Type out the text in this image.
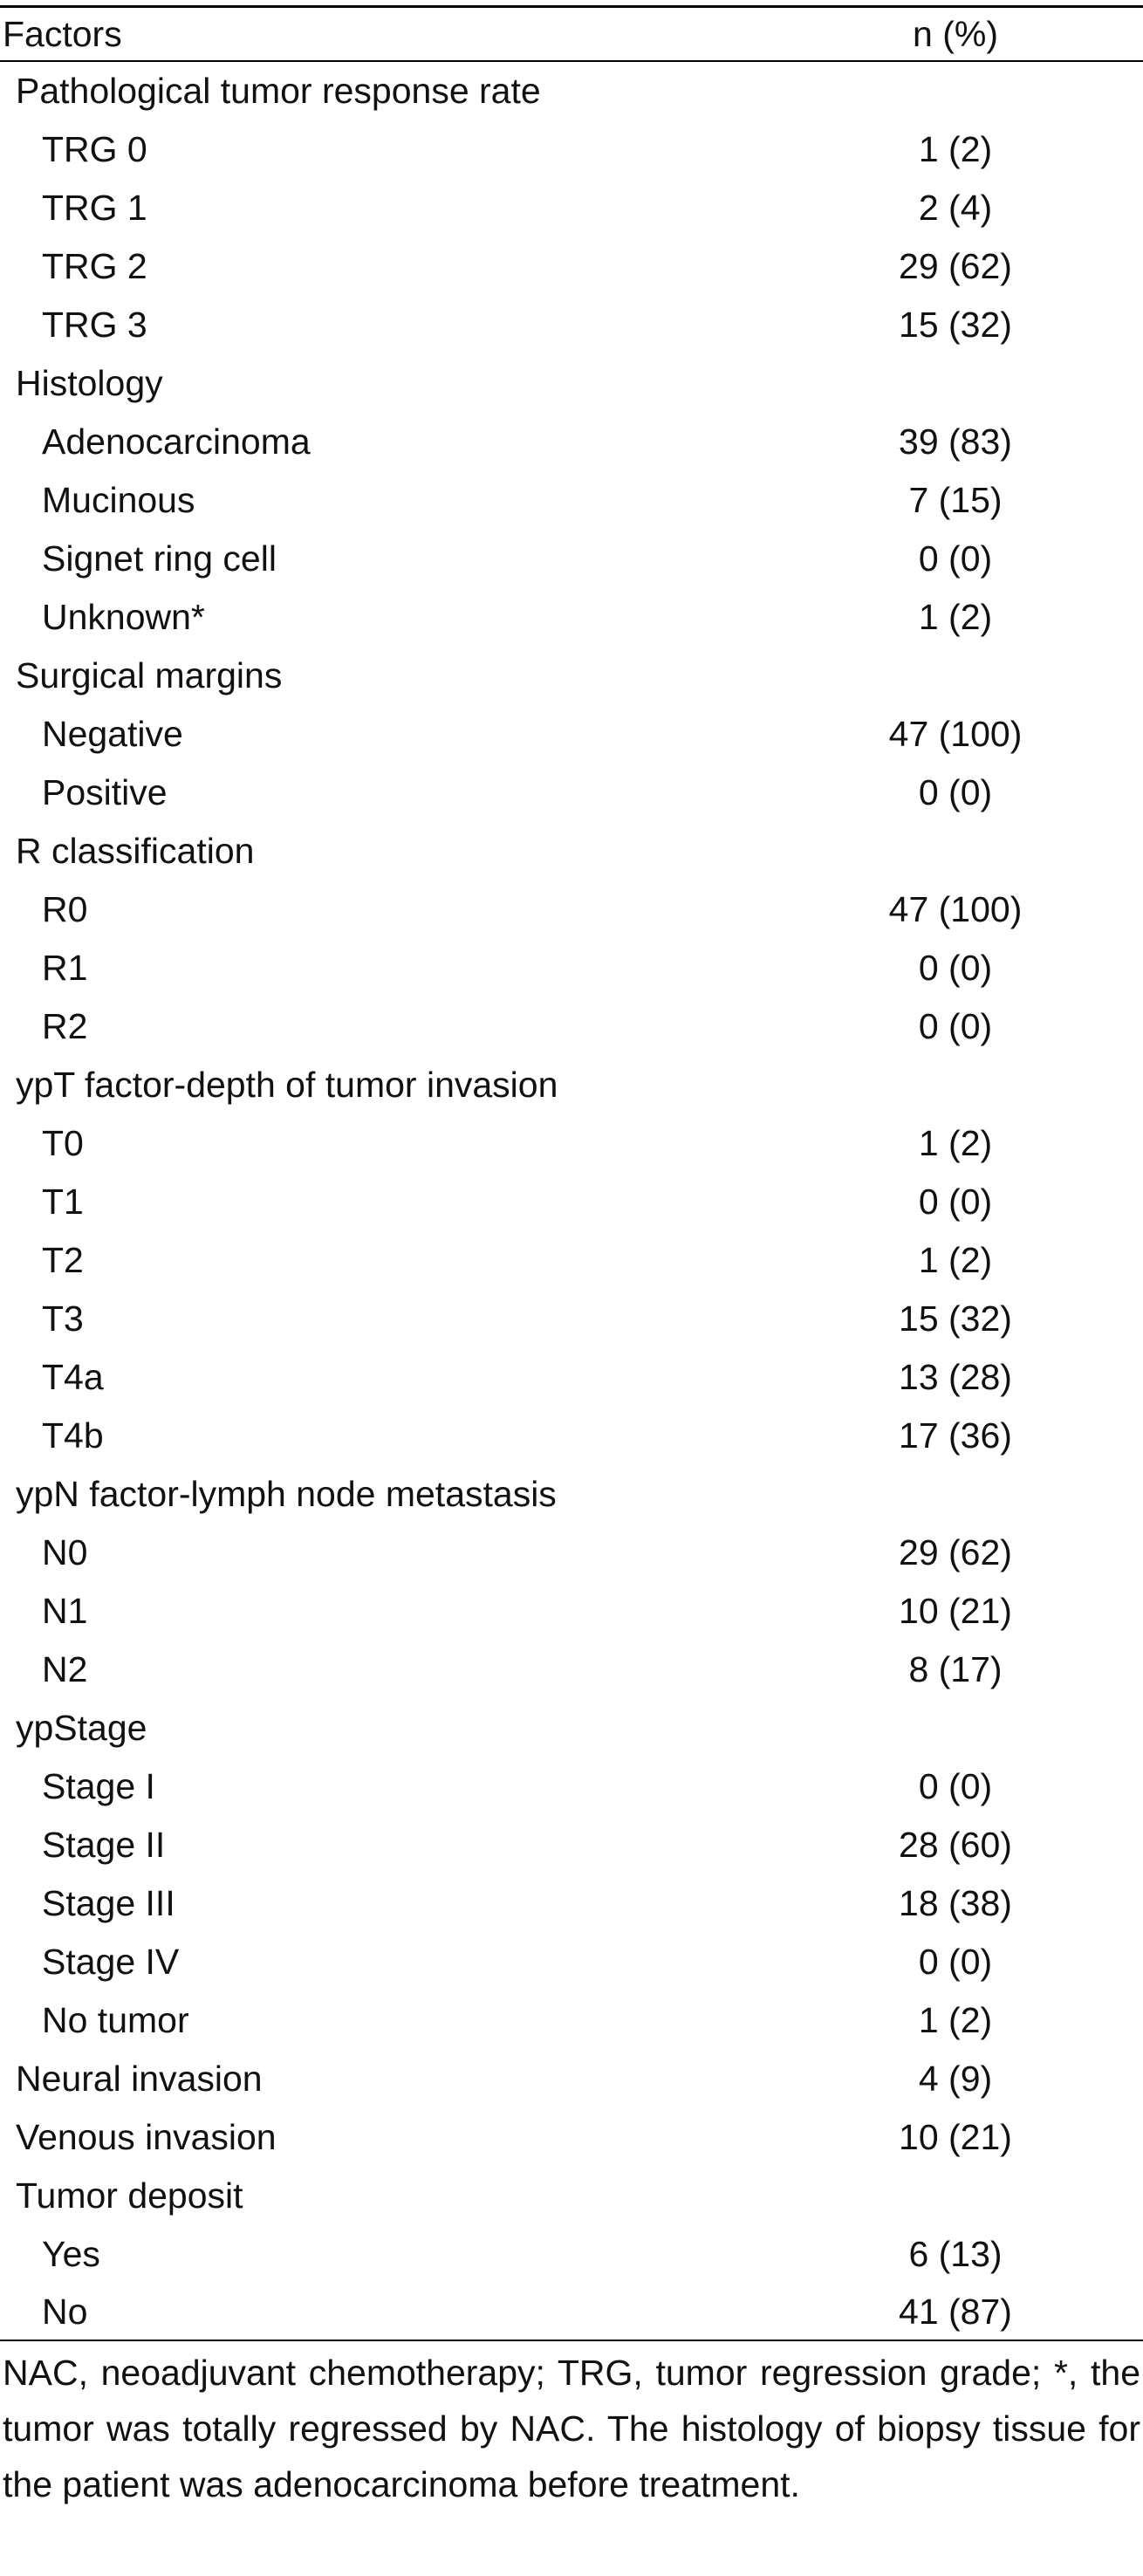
Factors	n (%)
Pathological tumor response rate	
TRG 0	1 (2)
TRG 1	2 (4)
TRG 2	29 (62)
TRG 3	15 (32)
Histology	
Adenocarcinoma	39 (83)
Mucinous	7 (15)
Signet ring cell	0 (0)
Unknown*	1 (2)
Surgical margins	
Negative	47 (100)
Positive	0 (0)
R classification	
R0	47 (100)
R1	0 (0)
R2	0 (0)
ypT factor-depth of tumor invasion	
T0	1 (2)
T1	0 (0)
T2	1 (2)
T3	15 (32)
T4a	13 (28)
T4b	17 (36)
ypN factor-lymph node metastasis	
N0	29 (62)
N1	10 (21)
N2	8 (17)
ypStage	
Stage I	0 (0)
Stage II	28 (60)
Stage III	18 (38)
Stage IV	0 (0)
No tumor	1 (2)
Neural invasion	4 (9)
Venous invasion	10 (21)
Tumor deposit	
Yes	6 (13)
No	41 (87)

NAC, neoadjuvant chemotherapy; TRG, tumor regression grade; *, the tumor was totally regressed by NAC. The histology of biopsy tissue for the patient was adenocarcinoma before treatment.
